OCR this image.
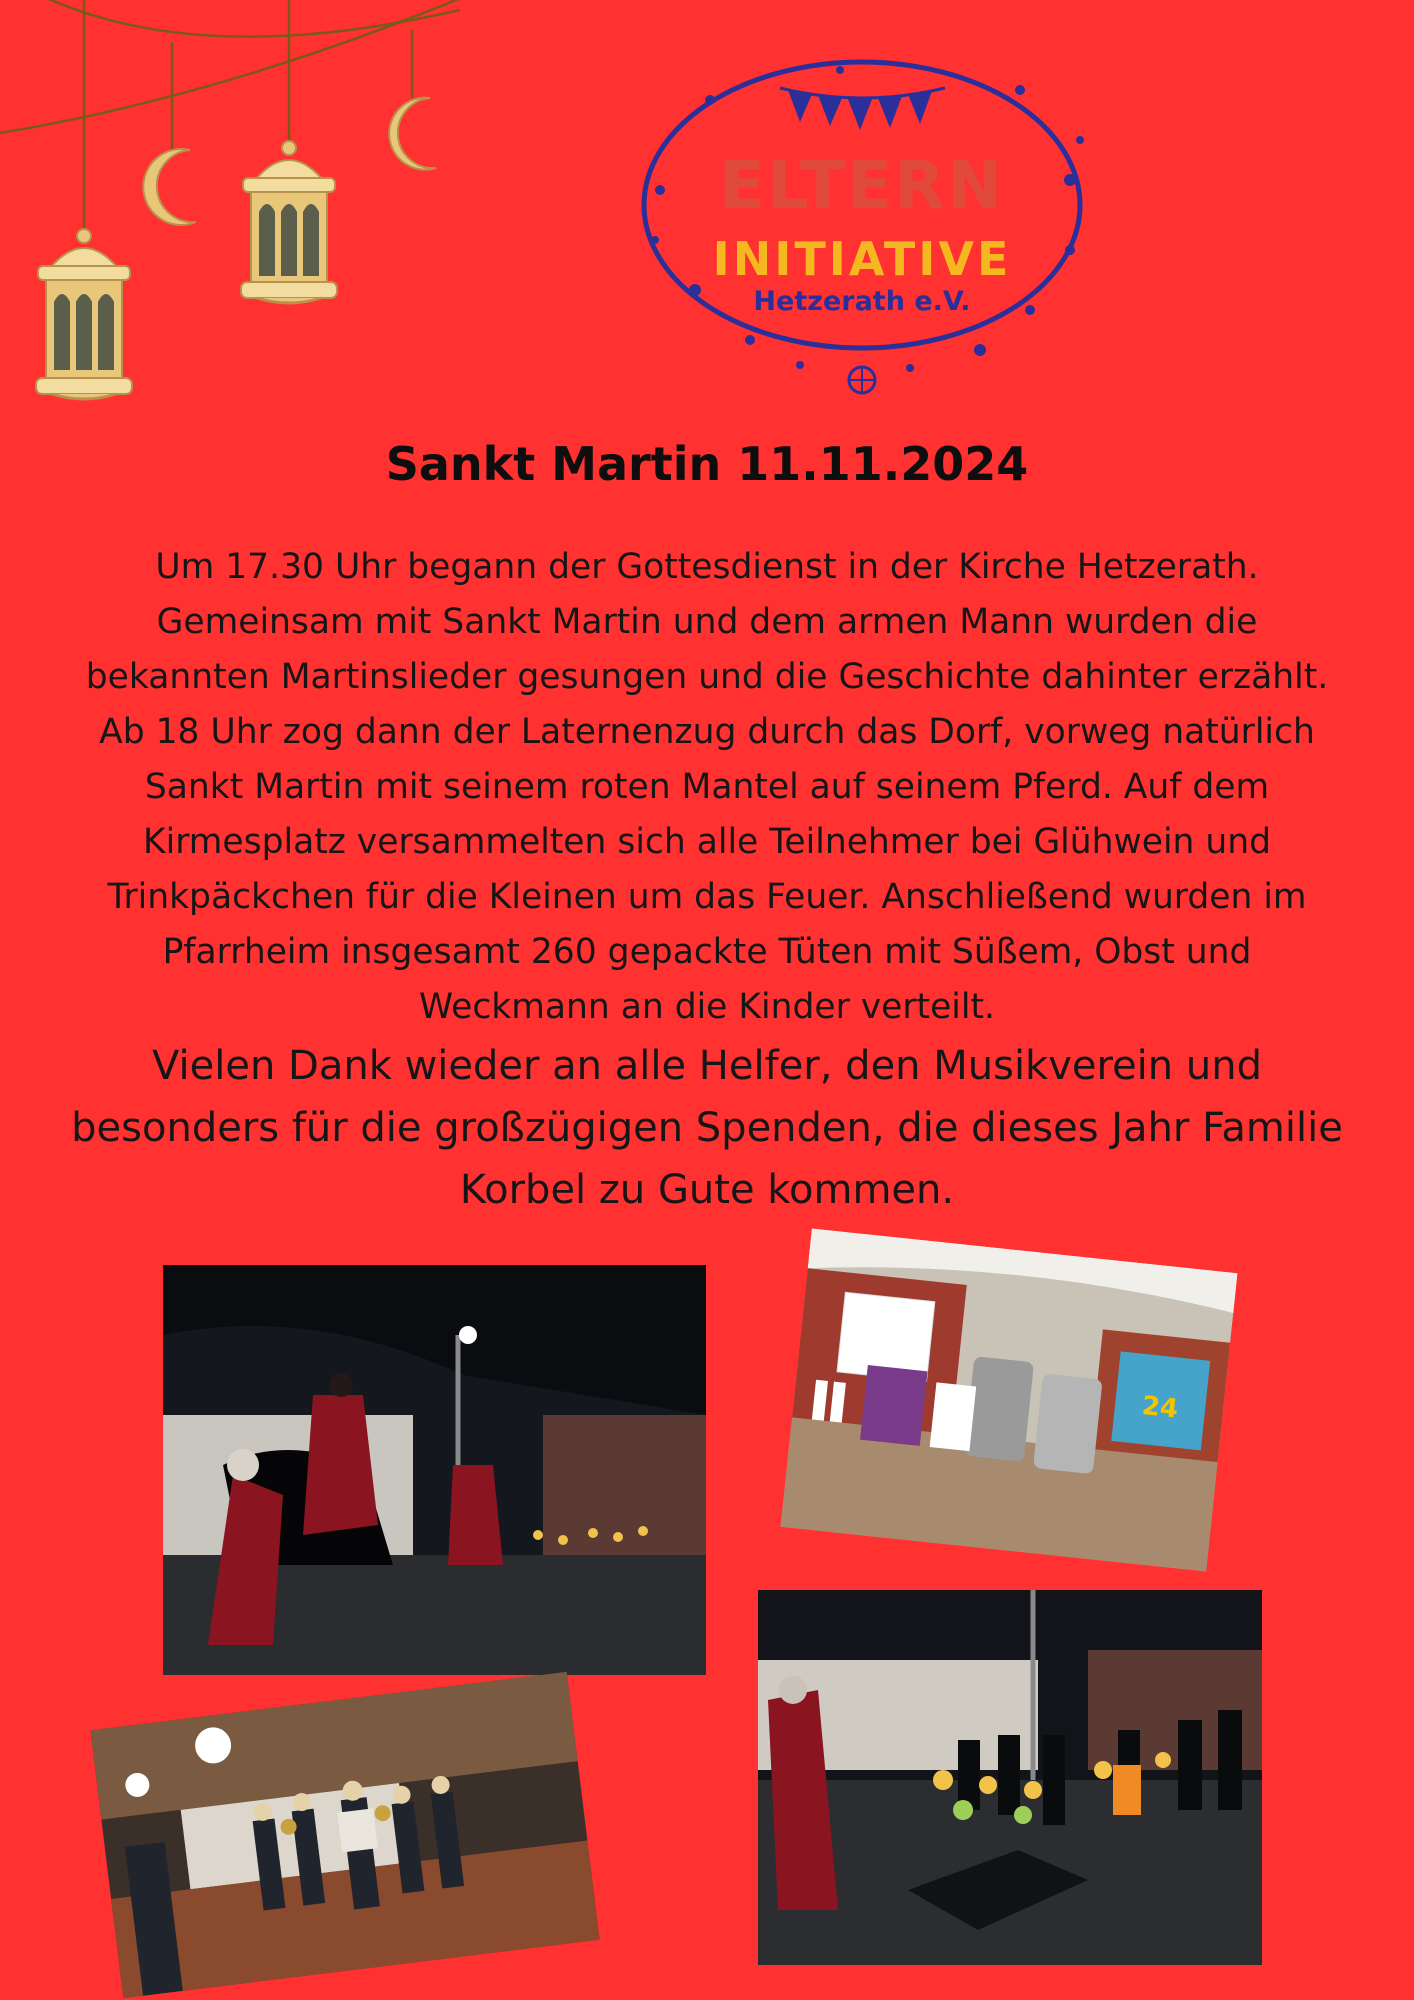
ELTERN
INITIATIVE
Hetzerath e.V.
Sankt Martin 11.11.2024

Um 17.30 Uhr begann der Gottesdienst in der Kirche Hetzerath.
Gemeinsam mit Sankt Martin und dem armen Mann wurden die
bekannten Martinslieder gesungen und die Geschichte dahinter erzählt.
Ab 18 Uhr zog dann der Laternenzug durch das Dorf, vorweg natürlich
Sankt Martin mit seinem roten Mantel auf seinem Pferd. Auf dem
Kirmesplatz versammelten sich alle Teilnehmer bei Glühwein und
Trinkpäckchen für die Kleinen um das Feuer. Anschließend wurden im
Pfarrheim insgesamt 260 gepackte Tüten mit Süßem, Obst und
Weckmann an die Kinder verteilt.

Vielen Dank wieder an alle Helfer, den Musikverein und
besonders für die großzügigen Spenden, die dieses Jahr Familie
Korbel zu Gute kommen.

24
